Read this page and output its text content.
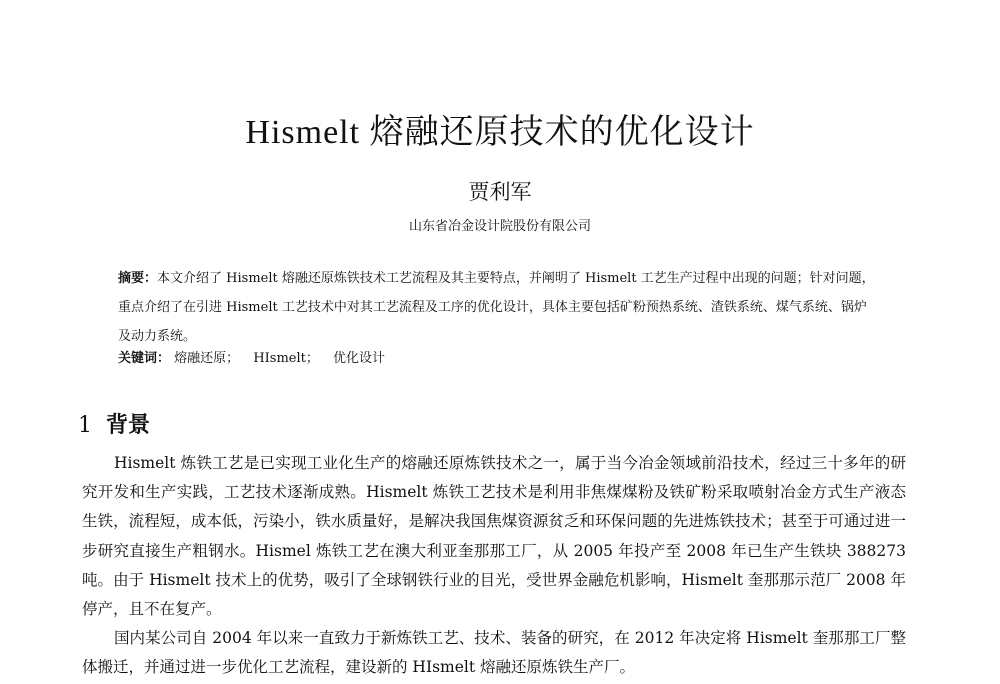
Hismelt 熔融还原技术的优化设计
贾利军
山东省冶金设计院股份有限公司
摘要：本文介绍了 Hismelt 熔融还原炼铁技术工艺流程及其主要特点，并阐明了 Hismelt 工艺生产过程中出现的问题；针对问题，重点介绍了在引进 Hismelt 工艺技术中对其工艺流程及工序的优化设计，具体主要包括矿粉预热系统、渣铁系统、煤气系统、锅炉及动力系统。
关键词： 熔融还原； HIsmelt； 优化设计
1 背景

Hismelt 炼铁工艺是已实现工业化生产的熔融还原炼铁技术之一，属于当今冶金领域前沿技术，经过三十多年的研究开发和生产实践，工艺技术逐渐成熟。Hismelt 炼铁工艺技术是利用非焦煤煤粉及铁矿粉采取喷射冶金方式生产液态生铁，流程短，成本低，污染小，铁水质量好，是解决我国焦煤资源贫乏和环保问题的先进炼铁技术；甚至于可通过进一步研究直接生产粗钢水。Hismel 炼铁工艺在澳大利亚奎那那工厂，从 2005 年投产至 2008 年已生产生铁块 388273 吨。由于 Hismelt 技术上的优势，吸引了全球钢铁行业的目光，受世界金融危机影响，Hismelt 奎那那示范厂 2008 年停产，且不在复产。

国内某公司自 2004 年以来一直致力于新炼铁工艺、技术、装备的研究，在 2012 年决定将 Hismelt 奎那那工厂整体搬迁，并通过进一步优化工艺流程，建设新的 HIsmelt 熔融还原炼铁生产厂。
